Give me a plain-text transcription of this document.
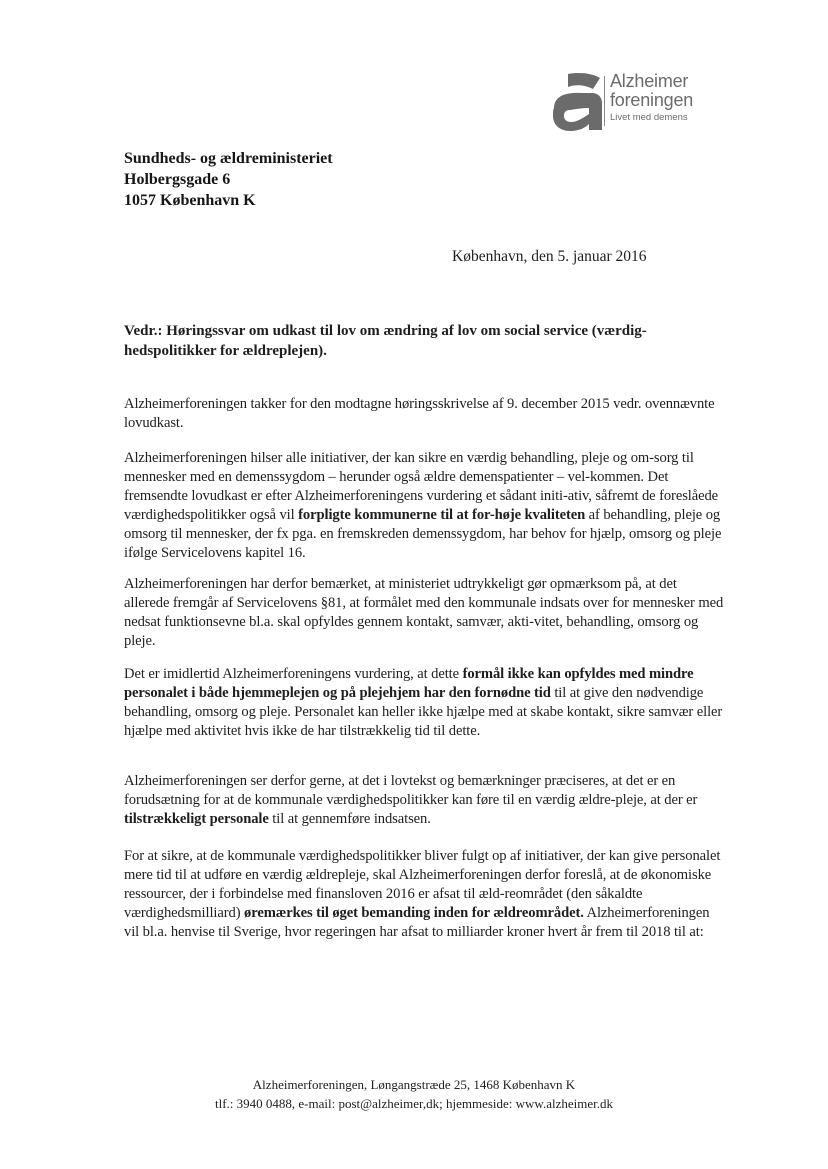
Alzheimer
foreningen
Livet med demens
Sundheds- og ældreministeriet
Holbergsgade 6
1057 København K
København, den 5. januar 2016
Vedr.: Høringssvar om udkast til lov om ændring af lov om social service (værdig-hedspolitikker for ældreplejen).
Alzheimerforeningen takker for den modtagne høringsskrivelse af 9. december 2015 vedr. ovennævnte lovudkast.
Alzheimerforeningen hilser alle initiativer, der kan sikre en værdig behandling, pleje og om-sorg til mennesker med en demenssygdom – herunder også ældre demenspatienter – vel-kommen. Det fremsendte lovudkast er efter Alzheimerforeningens vurdering et sådant initi-ativ, såfremt de foreslåede værdighedspolitikker også vil forpligte kommunerne til at for-høje kvaliteten af behandling, pleje og omsorg til mennesker, der fx pga. en fremskreden demenssygdom, har behov for hjælp, omsorg og pleje ifølge Servicelovens kapitel 16.
Alzheimerforeningen har derfor bemærket, at ministeriet udtrykkeligt gør opmærksom på, at det allerede fremgår af Servicelovens §81, at formålet med den kommunale indsats over for mennesker med nedsat funktionsevne bl.a. skal opfyldes gennem kontakt, samvær, akti-vitet, behandling, omsorg og pleje.
Det er imidlertid Alzheimerforeningens vurdering, at dette formål ikke kan opfyldes med mindre personalet i både hjemmeplejen og på plejehjem har den fornødne tid til at give den nødvendige behandling, omsorg og pleje. Personalet kan heller ikke hjælpe med at skabe kontakt, sikre samvær eller hjælpe med aktivitet hvis ikke de har tilstrækkelig tid til dette.
Alzheimerforeningen ser derfor gerne, at det i lovtekst og bemærkninger præciseres, at det er en forudsætning for at de kommunale værdighedspolitikker kan føre til en værdig ældre-pleje, at der er tilstrækkeligt personale til at gennemføre indsatsen.
For at sikre, at de kommunale værdighedspolitikker bliver fulgt op af initiativer, der kan give personalet mere tid til at udføre en værdig ældrepleje, skal Alzheimerforeningen derfor foreslå, at de økonomiske ressourcer, der i forbindelse med finansloven 2016 er afsat til æld-reområdet (den såkaldte værdighedsmilliard) øremærkes til øget bemanding inden for ældreområdet. Alzheimerforeningen vil bl.a. henvise til Sverige, hvor regeringen har afsat to milliarder kroner hvert år frem til 2018 til at:
Alzheimerforeningen, Løngangstræde 25, 1468 København K
tlf.: 3940 0488, e-mail: post@alzheimer,dk; hjemmeside: www.alzheimer.dk
